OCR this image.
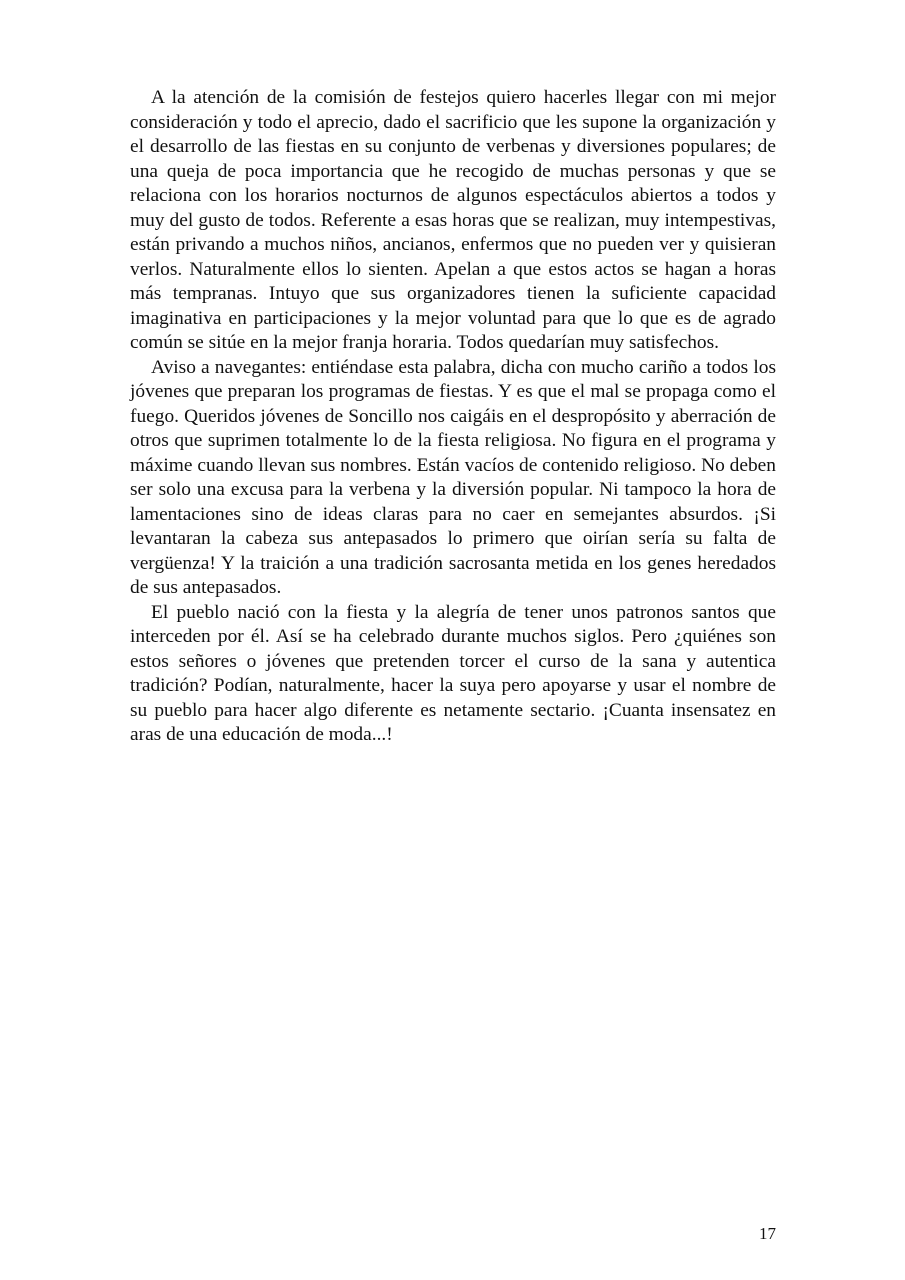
A la atención de la comisión de festejos quiero hacerles llegar con mi mejor consideración y todo el aprecio, dado el sacrificio que les supone la organización y el desarrollo de las fiestas en su conjunto de verbenas y diversiones populares; de una queja de poca importancia que he recogido de muchas personas y que se relaciona con los horarios nocturnos de algunos espectáculos abiertos a todos y muy del gusto de todos. Referente a esas horas que se realizan, muy intempestivas, están privando a muchos niños, ancianos, enfermos que no pueden ver y quisieran verlos. Naturalmente ellos lo sienten. Apelan a que estos actos se hagan a horas más tempranas. Intuyo que sus organizadores tienen la suficiente capacidad imaginativa en participaciones y la mejor voluntad para que lo que es de agrado común se sitúe en la mejor franja horaria. Todos quedarían muy satisfechos.

Aviso a navegantes: entiéndase esta palabra, dicha con mucho cariño a todos los jóvenes que preparan los programas de fiestas. Y es que el mal se propaga como el fuego. Queridos jóvenes de Soncillo nos caigáis en el despropósito y aberración de otros que suprimen totalmente lo de la fiesta religiosa. No figura en el programa y máxime cuando llevan sus nombres. Están vacíos de contenido religioso. No deben ser solo una excusa para la verbena y la diversión popular. Ni tampoco la hora de lamentaciones sino de ideas claras para no caer en semejantes absurdos. ¡Si levantaran la cabeza sus antepasados lo primero que oirían sería su falta de vergüenza! Y la traición a una tradición sacrosanta metida en los genes heredados de sus antepasados.

El pueblo nació con la fiesta y la alegría de tener unos patronos santos que interceden por él. Así se ha celebrado durante muchos siglos. Pero ¿quiénes son estos señores o jóvenes que pretenden torcer el curso de la sana y autentica tradición? Podían, naturalmente, hacer la suya pero apoyarse y usar el nombre de su pueblo para hacer algo diferente es netamente sectario. ¡Cuanta insensatez en aras de una educación de moda...!

17
